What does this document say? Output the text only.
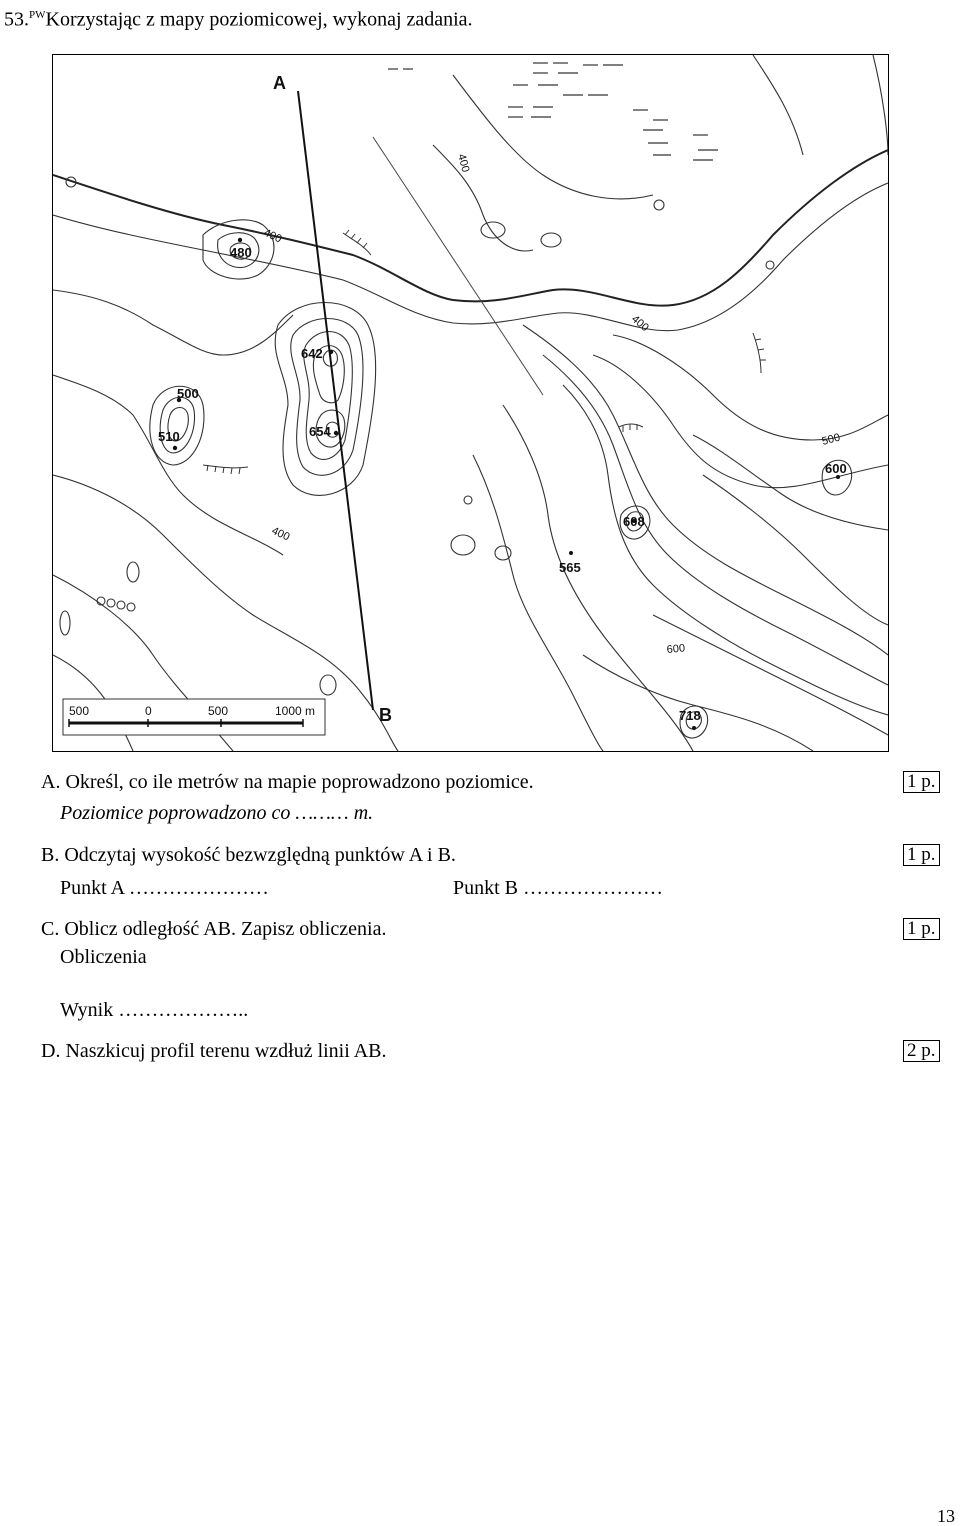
53.$^{PW}$Korzystając z mapy poziomicowej, wykonaj zadania.
A
B
480
642
500
510	654
608
565
600
718
400
400
400
400
500
600
500	0	500	1000 m
A. Określ, co ile metrów na mapie poprowadzono poziomice.	1 p.
Poziomice poprowadzono co ……… m.
B. Odczytaj wysokość bezwzględną punktów A i B.	1 p.
Punkt A …………………	Punkt B …………………
C. Oblicz odległość AB. Zapisz obliczenia.	1 p.
Obliczenia
Wynik ………………..
D. Naszkicuj profil terenu wzdłuż linii AB.	2 p.
13
